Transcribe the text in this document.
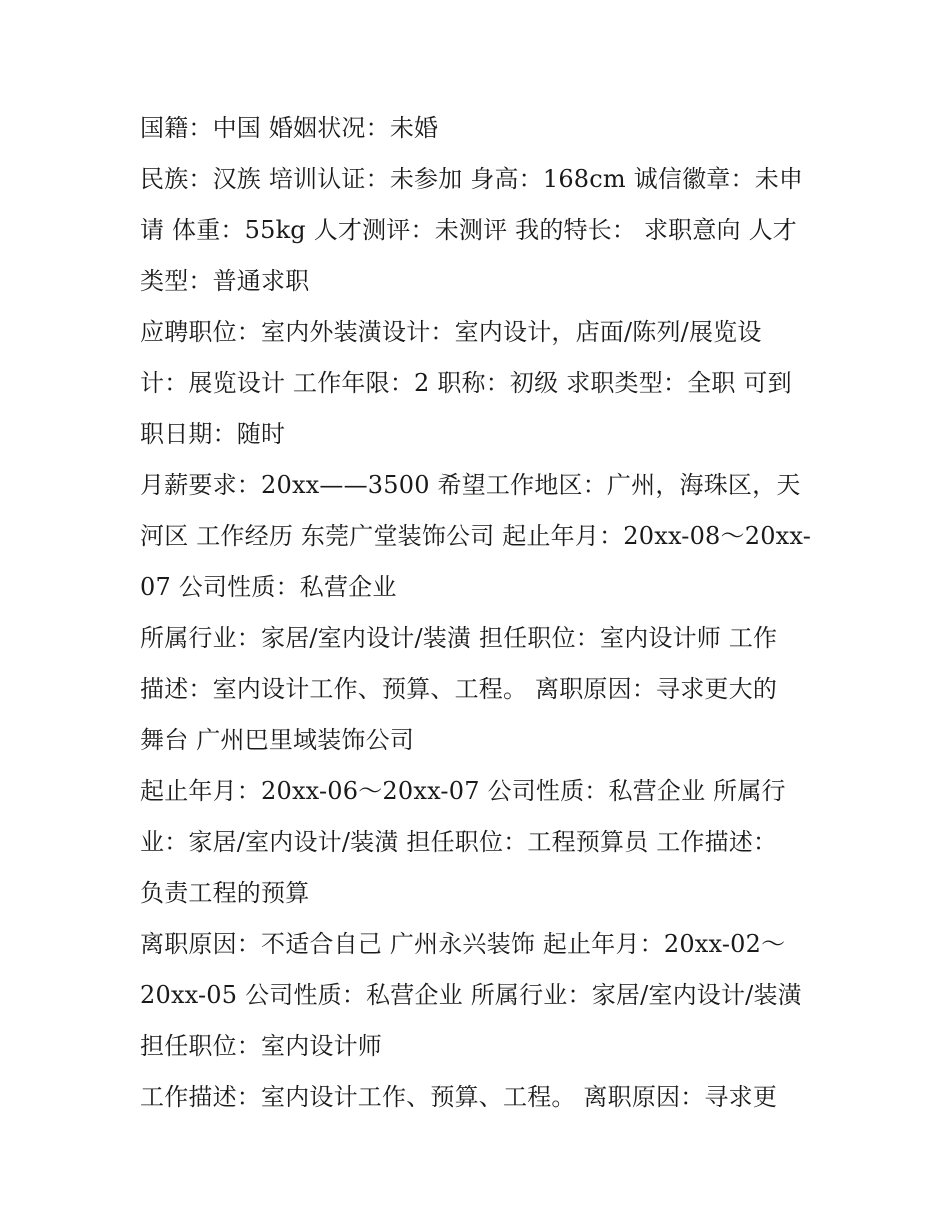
国籍：中国 婚姻状况：未婚
民族：汉族 培训认证：未参加 身高：168cm 诚信徽章：未申
请 体重：55kg 人才测评：未测评 我的特长： 求职意向 人才
类型：普通求职
应聘职位：室内外装潢设计：室内设计，店面/陈列/展览设
计：展览设计 工作年限：2 职称：初级 求职类型：全职 可到
职日期：随时
月薪要求：20xx——3500 希望工作地区：广州，海珠区，天
河区 工作经历 东莞广堂装饰公司 起止年月：20xx-08～20xx-
07 公司性质：私营企业
所属行业：家居/室内设计/装潢 担任职位：室内设计师 工作
描述：室内设计工作、预算、工程。 离职原因：寻求更大的
舞台 广州巴里域装饰公司
起止年月：20xx-06～20xx-07 公司性质：私营企业 所属行
业：家居/室内设计/装潢 担任职位：工程预算员 工作描述：
负责工程的预算
离职原因：不适合自己 广州永兴装饰 起止年月：20xx-02～
20xx-05 公司性质：私营企业 所属行业：家居/室内设计/装潢
担任职位：室内设计师
工作描述：室内设计工作、预算、工程。 离职原因：寻求更
